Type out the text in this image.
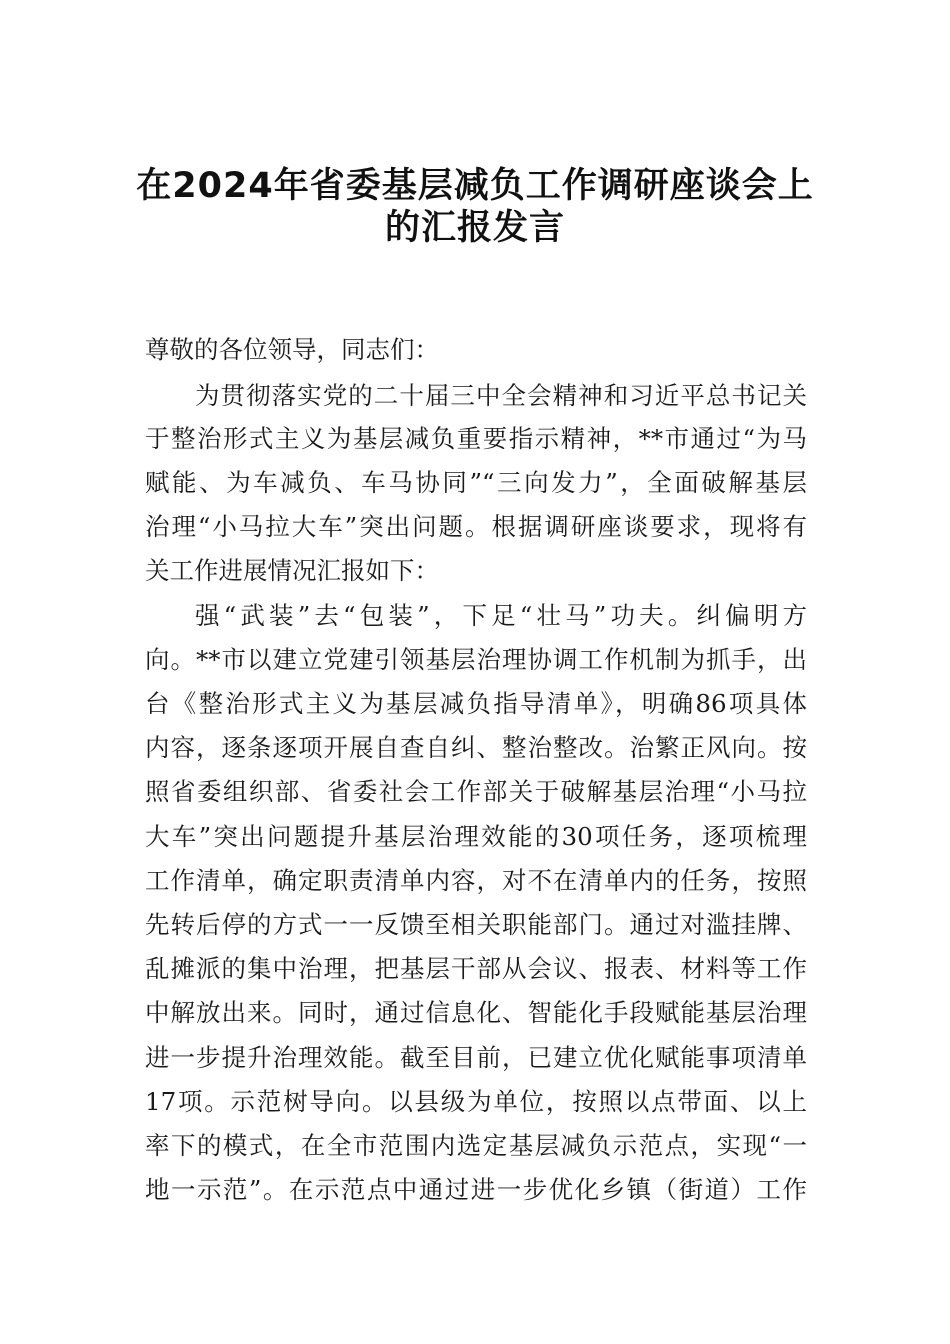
在2024年省委基层减负工作调研座谈会上
的汇报发言
尊敬的各位领导，同志们：
为贯彻落实党的二十届三中全会精神和习近平总书记关
于整治形式主义为基层减负重要指示精神，**市通过“为马
赋能、为车减负、车马协同”“三向发力”，全面破解基层
治理“小马拉大车”突出问题。根据调研座谈要求，现将有
关工作进展情况汇报如下：
强“武装”去“包装”，下足“壮马”功夫。纠偏明方
向。**市以建立党建引领基层治理协调工作机制为抓手，出
台《整治形式主义为基层减负指导清单》，明确86项具体
内容，逐条逐项开展自查自纠、整治整改。治繁正风向。按
照省委组织部、省委社会工作部关于破解基层治理“小马拉
大车”突出问题提升基层治理效能的30项任务，逐项梳理
工作清单，确定职责清单内容，对不在清单内的任务，按照
先转后停的方式一一反馈至相关职能部门。通过对滥挂牌、
乱摊派的集中治理，把基层干部从会议、报表、材料等工作
中解放出来。同时，通过信息化、智能化手段赋能基层治理
进一步提升治理效能。截至目前，已建立优化赋能事项清单
17项。示范树导向。以县级为单位，按照以点带面、以上
率下的模式，在全市范围内选定基层减负示范点，实现“一
地一示范”。在示范点中通过进一步优化乡镇（街道）工作
